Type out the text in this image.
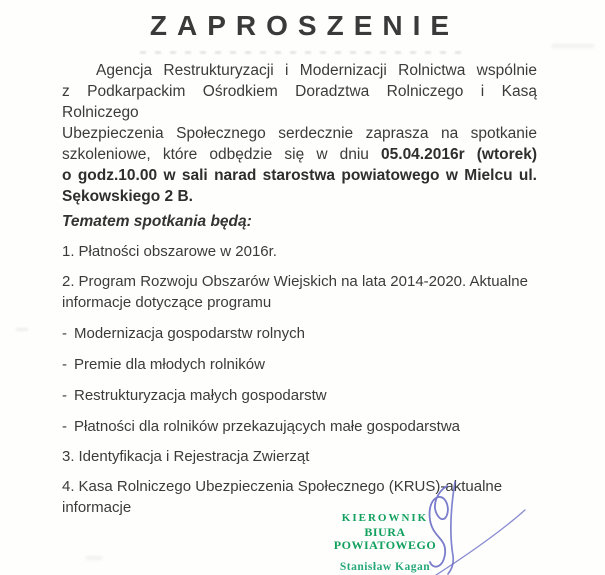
ZAPROSZENIE
Agencja Restrukturyzacji i Modernizacji Rolnictwa wspólnie
z Podkarpackim Ośrodkiem Doradztwa Rolniczego i Kasą Rolniczego
Ubezpieczenia Społecznego serdecznie zaprasza na spotkanie
szkoleniowe, które odbędzie się w dniu 05.04.2016r (wtorek)
o godz.10.00 w sali narad starostwa powiatowego w Mielcu ul.
Sękowskiego 2 B.
Tematem spotkania będą:
1. Płatności obszarowe w 2016r.
2. Program Rozwoju Obszarów Wiejskich na lata 2014-2020. Aktualne informacje dotyczące programu
- Modernizacja gospodarstw rolnych
- Premie dla młodych rolników
- Restrukturyzacja małych gospodarstw
- Płatności dla rolników przekazujących małe gospodarstwa
3. Identyfikacja i Rejestracja Zwierząt
4. Kasa Rolniczego Ubezpieczenia Społecznego (KRUS)-aktualne informacje
KIEROWNIK
BIURA POWIATOWEGO
Stanisław Kagan
